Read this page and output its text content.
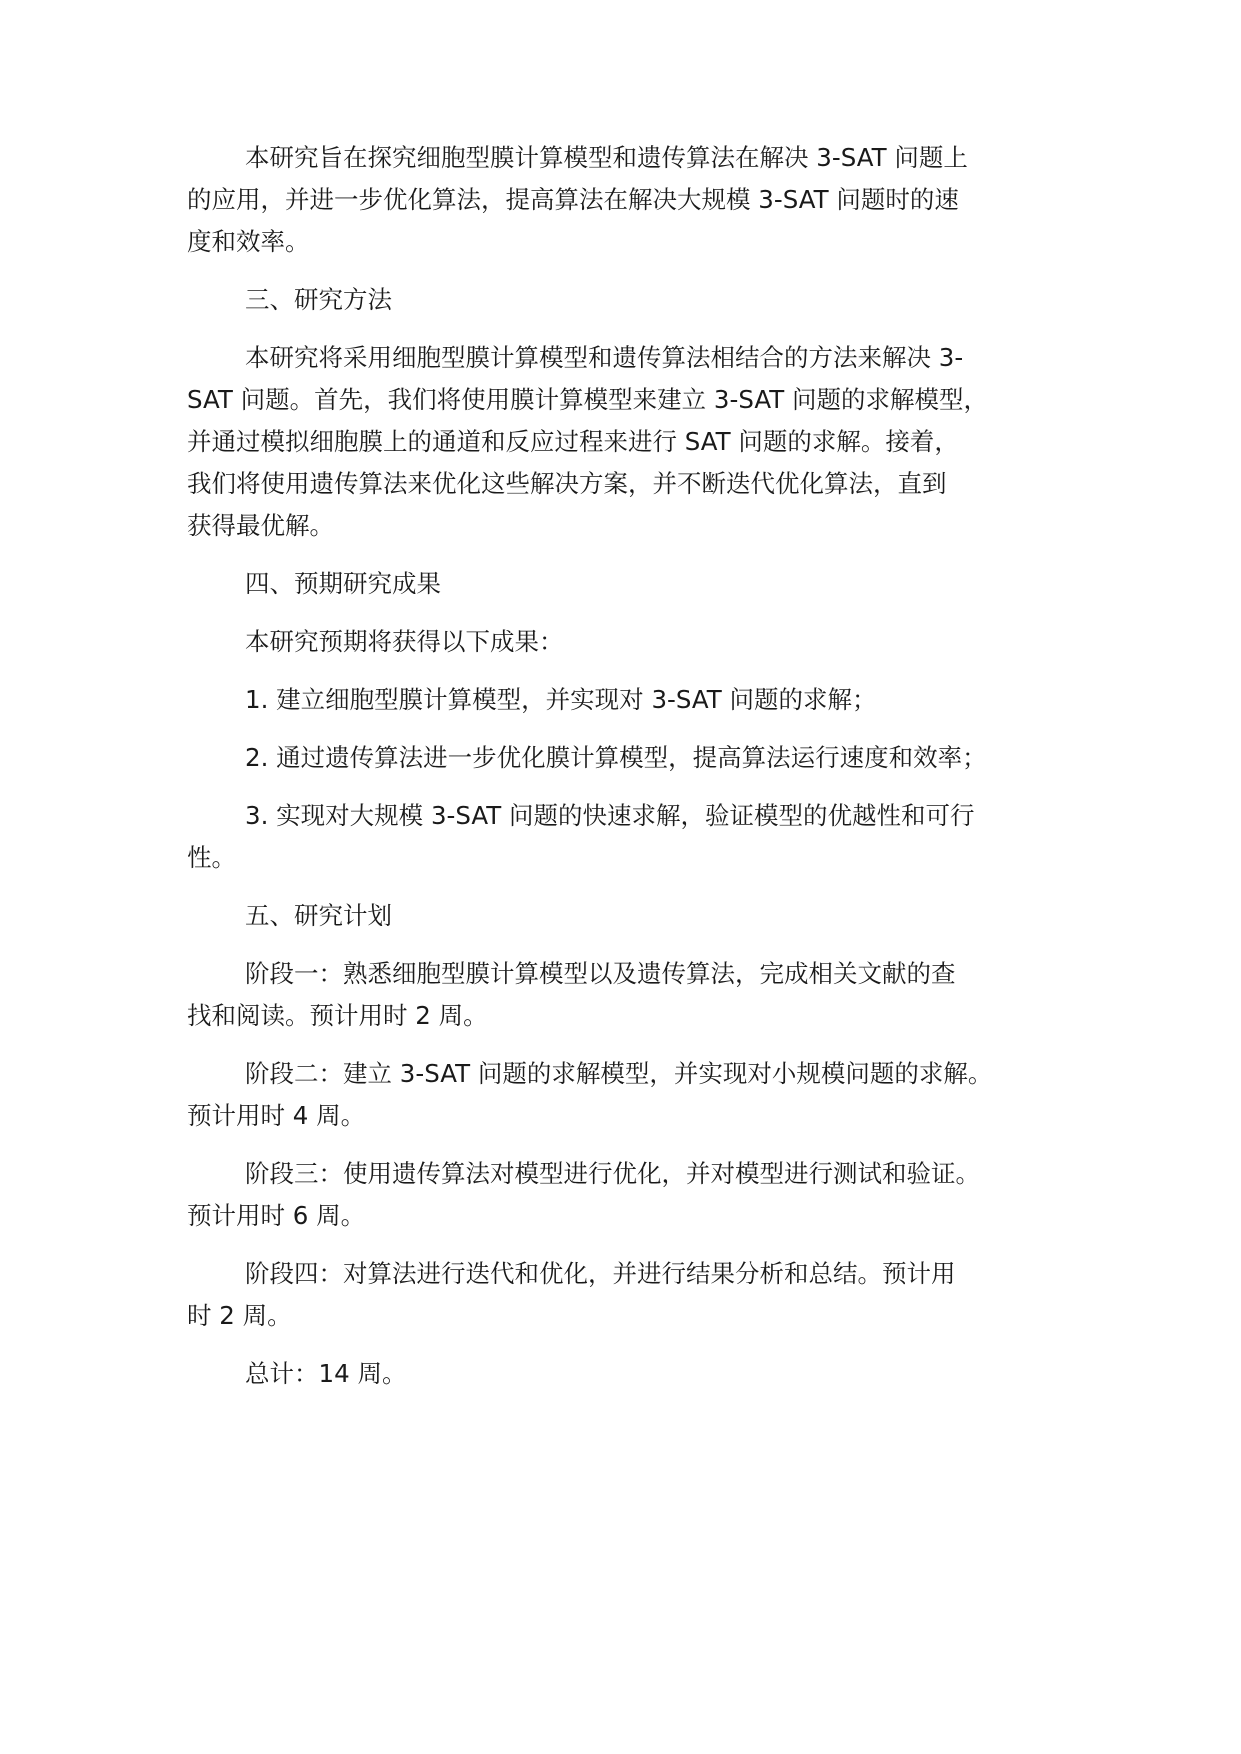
本研究旨在探究细胞型膜计算模型和遗传算法在解决 3-SAT 问题上
的应用，并进一步优化算法，提高算法在解决大规模 3-SAT 问题时的速
度和效率。
三、研究方法
本研究将采用细胞型膜计算模型和遗传算法相结合的方法来解决 3-
SAT 问题。首先，我们将使用膜计算模型来建立 3-SAT 问题的求解模型，
并通过模拟细胞膜上的通道和反应过程来进行 SAT 问题的求解。接着，
我们将使用遗传算法来优化这些解决方案，并不断迭代优化算法，直到
获得最优解。
四、预期研究成果
本研究预期将获得以下成果：
1. 建立细胞型膜计算模型，并实现对 3-SAT 问题的求解；
2. 通过遗传算法进一步优化膜计算模型，提高算法运行速度和效率；
3. 实现对大规模 3-SAT 问题的快速求解，验证模型的优越性和可行
性。
五、研究计划
阶段一：熟悉细胞型膜计算模型以及遗传算法，完成相关文献的查
找和阅读。预计用时 2 周。
阶段二：建立 3-SAT 问题的求解模型，并实现对小规模问题的求解。
预计用时 4 周。
阶段三：使用遗传算法对模型进行优化，并对模型进行测试和验证。
预计用时 6 周。
阶段四：对算法进行迭代和优化，并进行结果分析和总结。预计用
时 2 周。
总计：14 周。
